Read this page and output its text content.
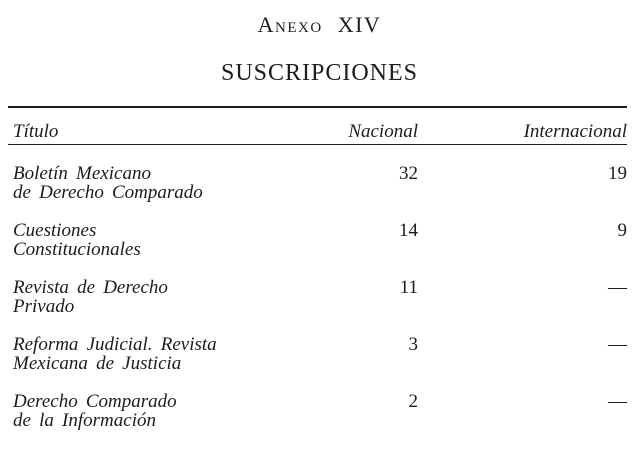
Anexo XIV
SUSCRIPCIONES
Título	Nacional	Internacional

Boletín Mexicano
de Derecho Comparado	32	19

Cuestiones
Constitucionales	14	9

Revista de Derecho
Privado	11	—

Reforma Judicial. Revista
Mexicana de Justicia	3	—

Derecho Comparado
de la Información	2	—
